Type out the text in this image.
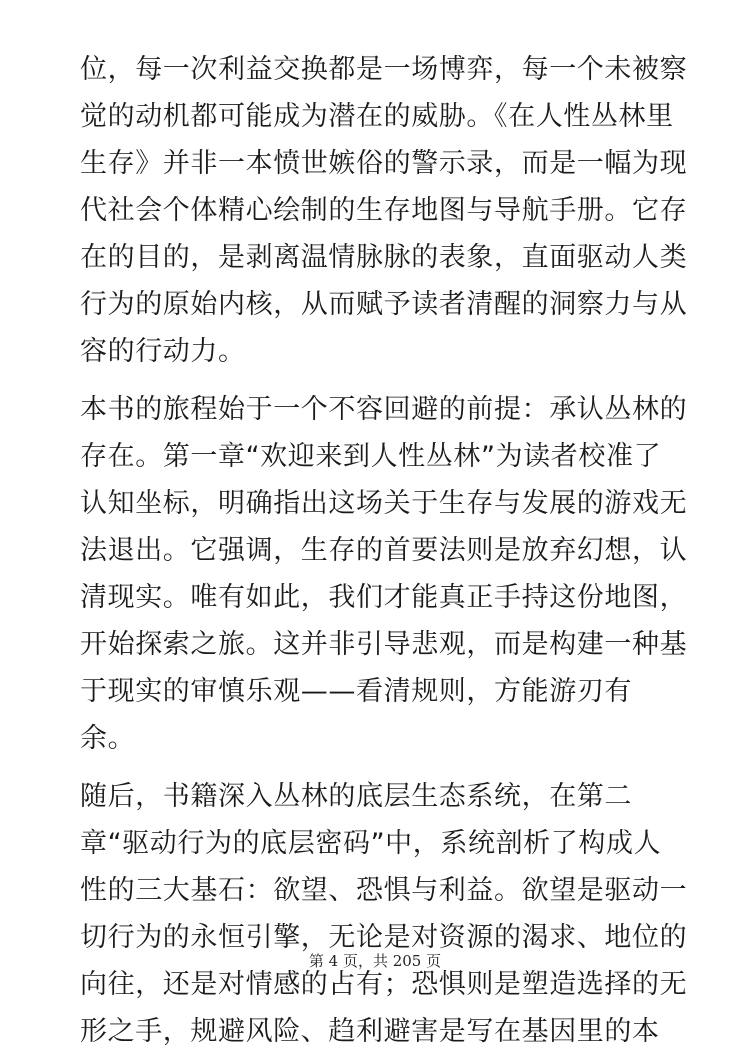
位，每一次利益交换都是一场博弈，每一个未被察
觉的动机都可能成为潜在的威胁。《在人性丛林里
生存》并非一本愤世嫉俗的警示录，而是一幅为现
代社会个体精心绘制的生存地图与导航手册。它存
在的目的，是剥离温情脉脉的表象，直面驱动人类
行为的原始内核，从而赋予读者清醒的洞察力与从
容的行动力。

本书的旅程始于一个不容回避的前提：承认丛林的
存在。第一章“欢迎来到人性丛林”为读者校准了
认知坐标，明确指出这场关于生存与发展的游戏无
法退出。它强调，生存的首要法则是放弃幻想，认
清现实。唯有如此，我们才能真正手持这份地图，
开始探索之旅。这并非引导悲观，而是构建一种基
于现实的审慎乐观——看清规则，方能游刃有
余。

随后，书籍深入丛林的底层生态系统，在第二
章“驱动行为的底层密码”中，系统剖析了构成人
性的三大基石：欲望、恐惧与利益。欲望是驱动一
切行为的永恒引擎，无论是对资源的渴求、地位的
向往，还是对情感的占有；恐惧则是塑造选择的无
形之手，规避风险、趋利避害是写在基因里的本

第 4 页，共 205 页
